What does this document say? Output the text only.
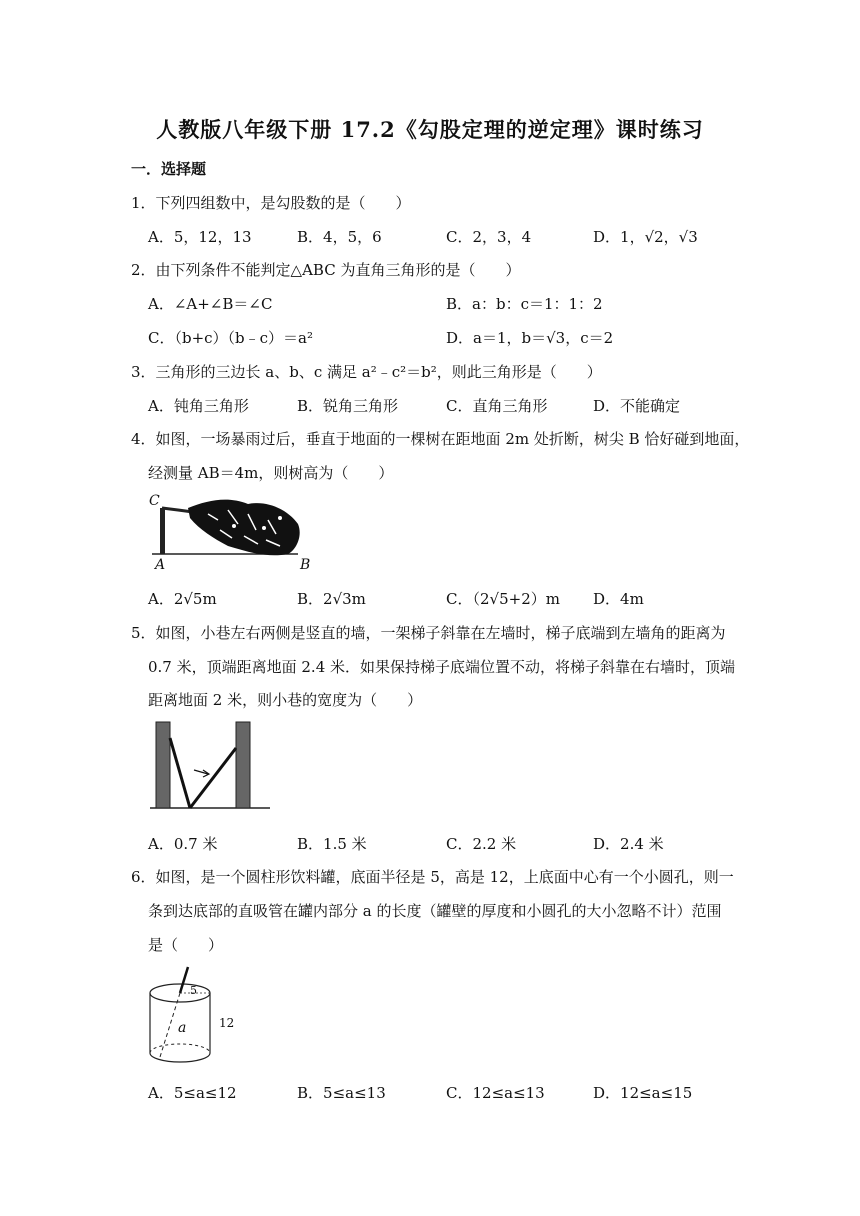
人教版八年级下册 17.2《勾股定理的逆定理》课时练习
一．选择题
1．下列四组数中，是勾股数的是（　　）
A．5，12，13	B．4，5，6	C．2，3，4	D．1，√2，√3
2．由下列条件不能判定△ABC 为直角三角形的是（　　）
A．∠A+∠B＝∠C	B．a：b：c＝1：1：2
C．（b+c）（b﹣c）＝a²	D．a＝1，b＝√3，c＝2
3．三角形的三边长 a、b、c 满足 a²﹣c²＝b²，则此三角形是（　　）
A．钝角三角形	B．锐角三角形	C．直角三角形	D．不能确定
4．如图，一场暴雨过后，垂直于地面的一棵树在距地面 2m 处折断，树尖 B 恰好碰到地面，
经测量 AB＝4m，则树高为（　　）
C
A	B
A．2√5m	B．2√3m	C．（2√5+2）m D．4m
5．如图，小巷左右两侧是竖直的墙，一架梯子斜靠在左墙时，梯子底端到左墙角的距离为
0.7 米，顶端距离地面 2.4 米．如果保持梯子底端位置不动，将梯子斜靠在右墙时，顶端
距离地面 2 米，则小巷的宽度为（　　）
A．0.7 米	B．1.5 米	C．2.2 米	D．2.4 米
6．如图，是一个圆柱形饮料罐，底面半径是 5，高是 12，上底面中心有一个小圆孔，则一
条到达底部的直吸管在罐内部分 a 的长度（罐壁的厚度和小圆孔的大小忽略不计）范围
是（　　）
5
a	12
A．5≤a≤12	B．5≤a≤13	C．12≤a≤13	D．12≤a≤15
